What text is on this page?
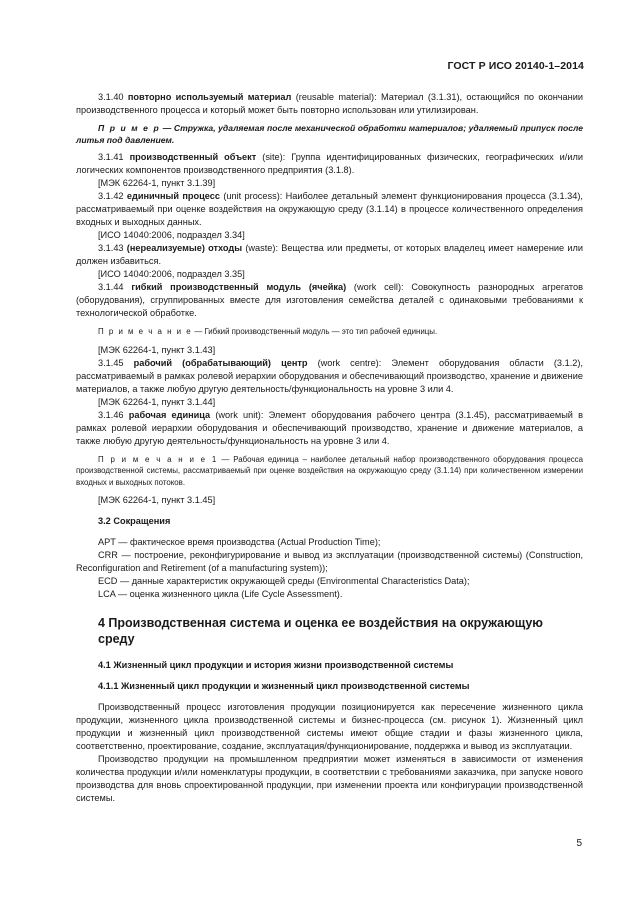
ГОСТ Р ИСО 20140-1–2014

3.1.40 повторно используемый материал (reusable material): Материал (3.1.31), остающийся по окончании производственного процесса и который может быть повторно использован или утилизирован.

П р и м е р — Стружка, удаляемая после механической обработки материалов; удаляемый припуск после литья под давлением.

3.1.41 производственный объект (site): Группа идентифицированных физических, географических и/или логических компонентов производственного предприятия (3.1.8).

[МЭК 62264-1, пункт 3.1.39]

3.1.42 единичный процесс (unit process): Наиболее детальный элемент функционирования процесса (3.1.34), рассматриваемый при оценке воздействия на окружающую среду (3.1.14) в процессе количественного определения входных и выходных данных.

[ИСО 14040:2006, подраздел 3.34]

3.1.43 (нереализуемые) отходы (waste): Вещества или предметы, от которых владелец имеет намерение или должен избавиться.

[ИСО 14040:2006, подраздел 3.35]

3.1.44 гибкий производственный модуль (ячейка) (work cell): Совокупность разнородных агрегатов (оборудования), сгруппированных вместе для изготовления семейства деталей с одинаковыми требованиями к технологической обработке.

П р и м е ч а н и е — Гибкий производственный модуль — это тип рабочей единицы.

[МЭК 62264-1, пункт 3.1.43]

3.1.45 рабочий (обрабатывающий) центр (work centre): Элемент оборудования области (3.1.2), рассматриваемый в рамках ролевой иерархии оборудования и обеспечивающий производство, хранение и движение материалов, а также любую другую деятельность/функциональность на уровне 3 или 4.

[МЭК 62264-1, пункт 3.1.44]

3.1.46 рабочая единица (work unit): Элемент оборудования рабочего центра (3.1.45), рассматриваемый в рамках ролевой иерархии оборудования и обеспечивающий производство, хранение и движение материалов, а также любую другую деятельность/функциональность на уровне 3 или 4.

П р и м е ч а н и е 1 — Рабочая единица – наиболее детальный набор производственного оборудования процесса производственной системы, рассматриваемый при оценке воздействия на окружающую среду (3.1.14) при количественном измерении входных и выходных потоков.

[МЭК 62264-1, пункт 3.1.45]

3.2 Сокращения

APT — фактическое время производства (Actual Production Time);

CRR — построение, реконфигурирование и вывод из эксплуатации (производственной системы) (Construction, Reconfiguration and Retirement (of a manufacturing system));

ECD — данные характеристик окружающей среды (Environmental Characteristics Data);

LCA — оценка жизненного цикла (Life Cycle Assessment).

4 Производственная система и оценка ее воздействия на окружающую среду
4.1 Жизненный цикл продукции и история жизни производственной системы
4.1.1 Жизненный цикл продукции и жизненный цикл производственной системы

Производственный процесс изготовления продукции позиционируется как пересечение жизненного цикла продукции, жизненного цикла производственной системы и бизнес-процесса (см. рисунок 1). Жизненный цикл продукции и жизненный цикл производственной системы имеют общие стадии и фазы жизненного цикла, соответственно, проектирование, создание, эксплуатация/функционирование, поддержка и вывод из эксплуатации.

Производство продукции на промышленном предприятии может изменяться в зависимости от изменения количества продукции и/или номенклатуры продукции, в соответствии с требованиями заказчика, при запуске нового производства для вновь спроектированной продукции, при изменении проекта или конфигурации производственной системы.

5
